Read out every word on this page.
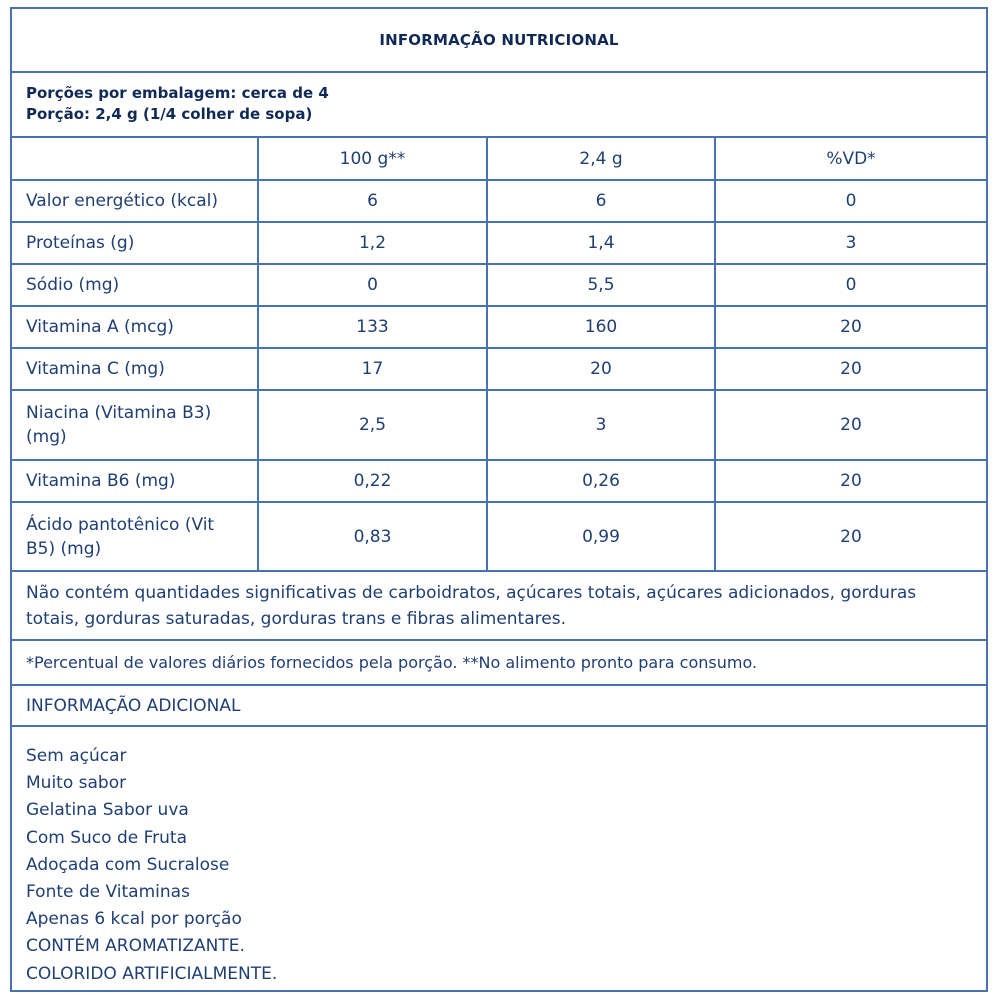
INFORMAÇÃO NUTRICIONAL
Porções por embalagem: cerca de 4
Porção: 2,4 g (1/4 colher de sopa)
	100 g**	2,4 g	%VD*
Valor energético (kcal)	6	6	0
Proteínas (g)	1,2	1,4	3
Sódio (mg)	0	5,5	0
Vitamina A (mcg)	133	160	20
Vitamina C (mg)	17	20	20
Niacina (Vitamina B3) (mg)	2,5	3	20
Vitamina B6 (mg)	0,22	0,26	20
Ácido pantotênico (Vit B5) (mg)	0,83	0,99	20
Não contém quantidades significativas de carboidratos, açúcares totais, açúcares adicionados, gorduras totais, gorduras saturadas, gorduras trans e fibras alimentares.
*Percentual de valores diários fornecidos pela porção. **No alimento pronto para consumo.
INFORMAÇÃO ADICIONAL
Sem açúcar
Muito sabor
Gelatina Sabor uva
Com Suco de Fruta
Adoçada com Sucralose
Fonte de Vitaminas
Apenas 6 kcal por porção
CONTÉM AROMATIZANTE.
COLORIDO ARTIFICIALMENTE.
